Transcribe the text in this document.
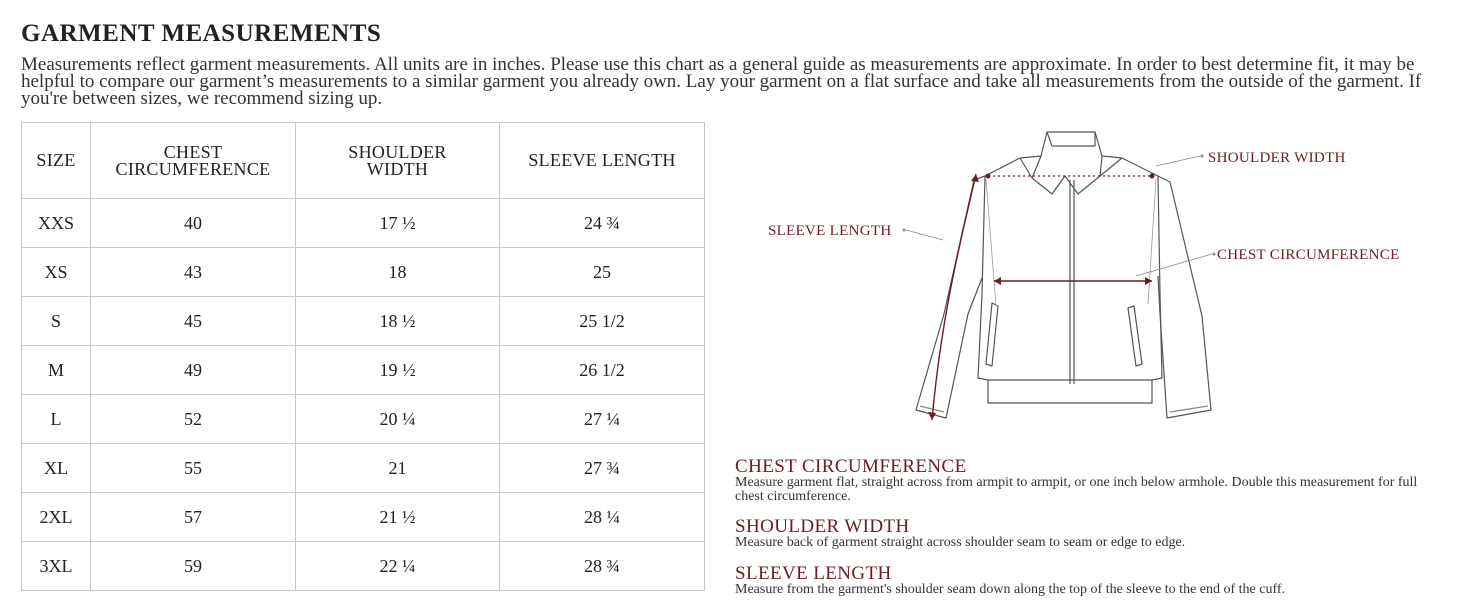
GARMENT MEASUREMENTS

Measurements reflect garment measurements. All units are in inches. Please use this chart as a general guide as measurements are approximate. In order to best determine fit, it may be helpful to compare our garment’s measurements to a similar garment you already own. Lay your garment on a flat surface and take all measurements from the outside of the garment. If you're between sizes, we recommend sizing up.

SIZE	CHEST CIRCUMFERENCE	SHOULDER WIDTH	SLEEVE LENGTH
XXS	40	17 ½	24 ¾
XS	43	18	25
S	45	18 ½	25 1/2
M	49	19 ½	26 1/2
L	52	20 ¼	27 ¼
XL	55	21	27 ¾
2XL	57	21 ½	28 ¼
3XL	59	22 ¼	28 ¾
SHOULDER WIDTH
SLEEVE LENGTH
CHEST CIRCUMFERENCE
CHEST CIRCUMFERENCE

Measure garment flat, straight across from armpit to armpit, or one inch below armhole. Double this measurement for full chest circumference.

SHOULDER WIDTH

Measure back of garment straight across shoulder seam to seam or edge to edge.

SLEEVE LENGTH

Measure from the garment's shoulder seam down along the top of the sleeve to the end of the cuff.
